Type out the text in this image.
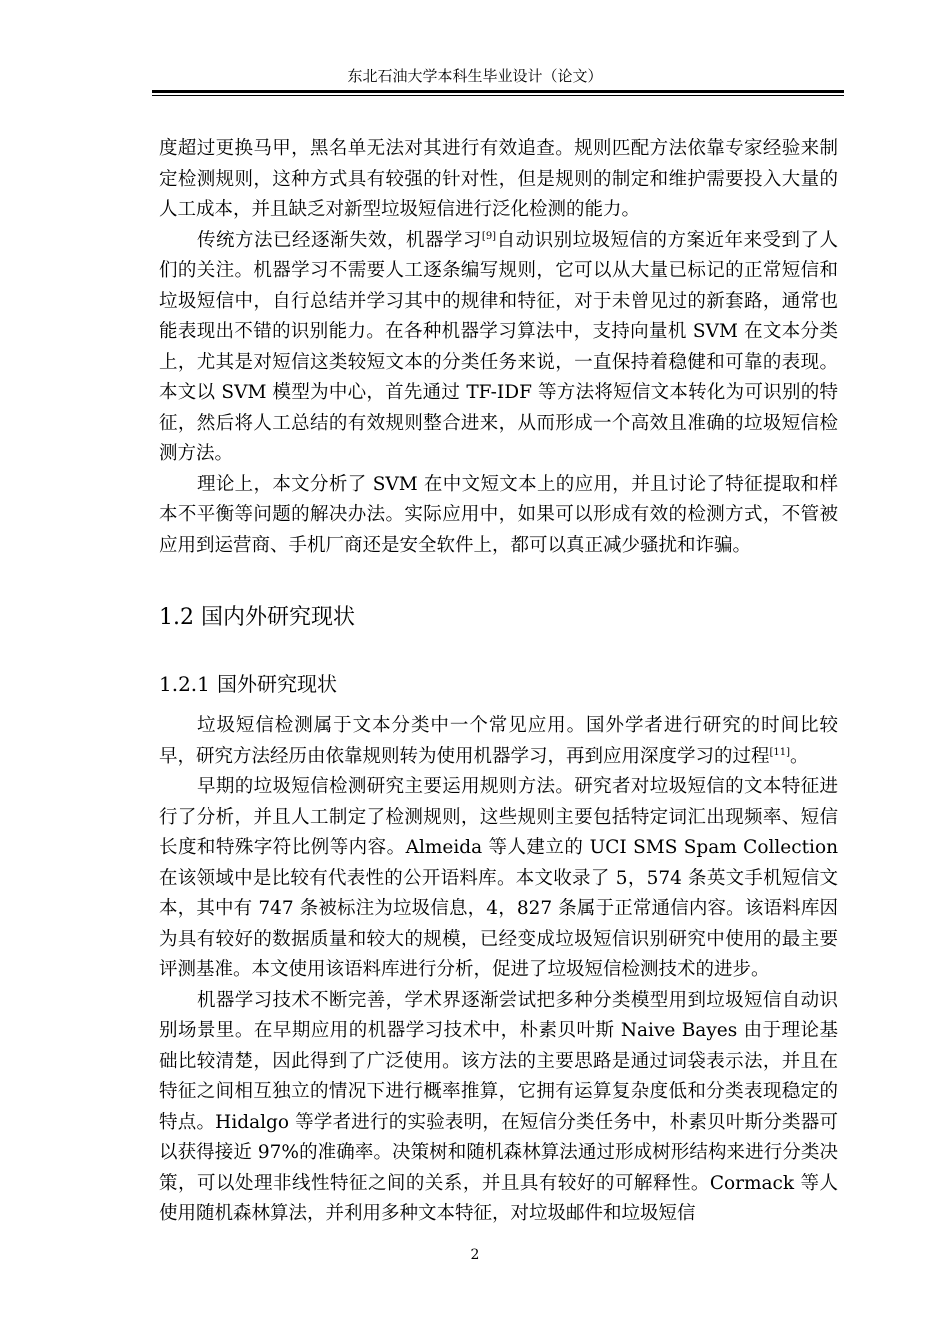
东北石油大学本科生毕业设计（论文）

度超过更换马甲，黑名单无法对其进行有效追查。规则匹配方法依靠专家经验来制定检测规则，这种方式具有较强的针对性，但是规则的制定和维护需要投入大量的人工成本，并且缺乏对新型垃圾短信进行泛化检测的能力。

传统方法已经逐渐失效，机器学习[9]自动识别垃圾短信的方案近年来受到了人们的关注。机器学习不需要人工逐条编写规则，它可以从大量已标记的正常短信和垃圾短信中，自行总结并学习其中的规律和特征，对于未曾见过的新套路，通常也能表现出不错的识别能力。在各种机器学习算法中，支持向量机 SVM 在文本分类上，尤其是对短信这类较短文本的分类任务来说，一直保持着稳健和可靠的表现。本文以 SVM 模型为中心，首先通过 TF-IDF 等方法将短信文本转化为可识别的特征，然后将人工总结的有效规则整合进来，从而形成一个高效且准确的垃圾短信检测方法。

理论上，本文分析了 SVM 在中文短文本上的应用，并且讨论了特征提取和样本不平衡等问题的解决办法。实际应用中，如果可以形成有效的检测方式，不管被应用到运营商、手机厂商还是安全软件上，都可以真正减少骚扰和诈骗。

1.2 国内外研究现状
1.2.1 国外研究现状

垃圾短信检测属于文本分类中一个常见应用。国外学者进行研究的时间比较早，研究方法经历由依靠规则转为使用机器学习，再到应用深度学习的过程[11]。

早期的垃圾短信检测研究主要运用规则方法。研究者对垃圾短信的文本特征进行了分析，并且人工制定了检测规则，这些规则主要包括特定词汇出现频率、短信长度和特殊字符比例等内容。Almeida 等人建立的 UCI SMS Spam Collection 在该领域中是比较有代表性的公开语料库。本文收录了 5，574 条英文手机短信文本，其中有 747 条被标注为垃圾信息，4，827 条属于正常通信内容。该语料库因为具有较好的数据质量和较大的规模，已经变成垃圾短信识别研究中使用的最主要评测基准。本文使用该语料库进行分析，促进了垃圾短信检测技术的进步。

机器学习技术不断完善，学术界逐渐尝试把多种分类模型用到垃圾短信自动识别场景里。在早期应用的机器学习技术中，朴素贝叶斯 Naive Bayes 由于理论基础比较清楚，因此得到了广泛使用。该方法的主要思路是通过词袋表示法，并且在特征之间相互独立的情况下进行概率推算，它拥有运算复杂度低和分类表现稳定的特点。Hidalgo 等学者进行的实验表明，在短信分类任务中，朴素贝叶斯分类器可以获得接近 97%的准确率。决策树和随机森林算法通过形成树形结构来进行分类决策，可以处理非线性特征之间的关系，并且具有较好的可解释性。Cormack 等人使用随机森林算法，并利用多种文本特征，对垃圾邮件和垃圾短信

2
